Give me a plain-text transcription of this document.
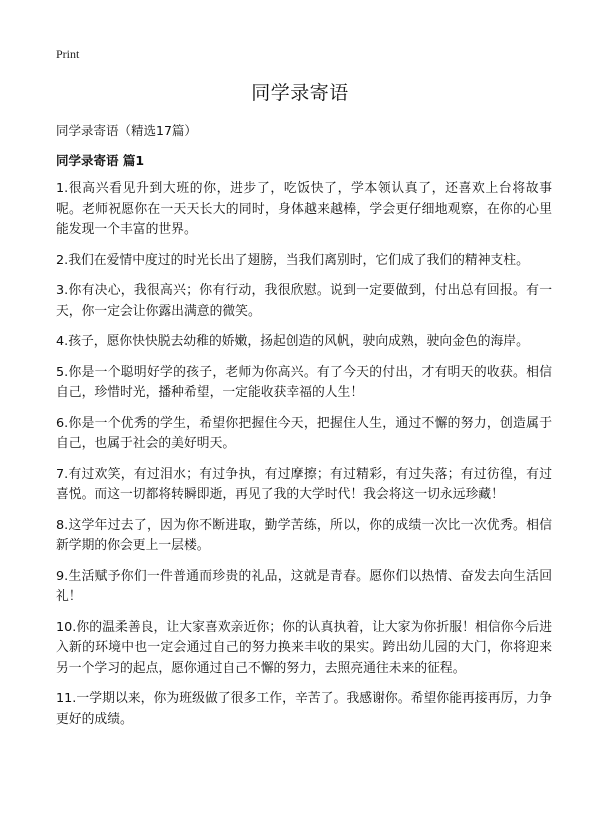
Print
同学录寄语

同学录寄语（精选17篇）

同学录寄语 篇1
1.很高兴看见升到大班的你，进步了，吃饭快了，学本领认真了，还喜欢上台将故事呢。老师祝愿你在一天天长大的同时，身体越来越棒，学会更仔细地观察，在你的心里能发现一个丰富的世界。
2.我们在爱情中度过的时光长出了翅膀，当我们离别时，它们成了我们的精神支柱。
3.你有决心，我很高兴；你有行动，我很欣慰。说到一定要做到，付出总有回报。有一天，你一定会让你露出满意的微笑。
4.孩子，愿你快快脱去幼稚的娇嫩，扬起创造的风帆，驶向成熟，驶向金色的海岸。
5.你是一个聪明好学的孩子，老师为你高兴。有了今天的付出，才有明天的收获。相信自己，珍惜时光，播种希望，一定能收获幸福的人生！
6.你是一个优秀的学生，希望你把握住今天，把握住人生，通过不懈的努力，创造属于自己，也属于社会的美好明天。
7.有过欢笑，有过泪水；有过争执，有过摩擦；有过精彩，有过失落；有过彷徨，有过喜悦。而这一切都将转瞬即逝，再见了我的大学时代！我会将这一切永远珍藏！
8.这学年过去了，因为你不断进取，勤学苦练，所以，你的成绩一次比一次优秀。相信新学期的你会更上一层楼。
9.生活赋予你们一件普通而珍贵的礼品，这就是青春。愿你们以热情、奋发去向生活回礼！
10.你的温柔善良，让大家喜欢亲近你；你的认真执着，让大家为你折服！相信你今后进入新的环境中也一定会通过自己的努力换来丰收的果实。跨出幼儿园的大门，你将迎来另一个学习的起点，愿你通过自己不懈的努力，去照亮通往未来的征程。
11.一学期以来，你为班级做了很多工作，辛苦了。我感谢你。希望你能再接再厉，力争更好的成绩。
